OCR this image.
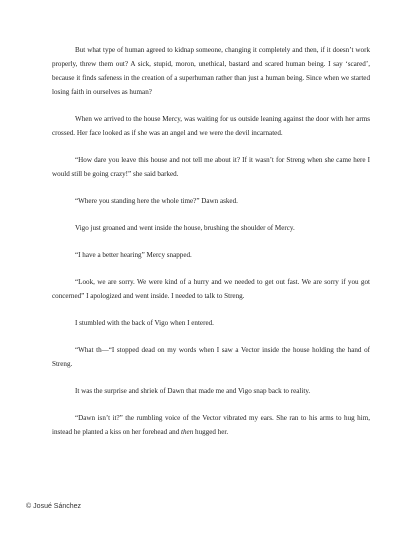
But what type of human agreed to kidnap someone, changing it completely and then, if it doesn’t work properly, threw them out? A sick, stupid, moron, unethical, bastard and scared human being. I say ‘scared’, because it finds safeness in the creation of a superhuman rather than just a human being. Since when we started losing faith in ourselves as human?

When we arrived to the house Mercy, was waiting for us outside leaning against the door with her arms crossed. Her face looked as if she was an angel and we were the devil incarnated.

“How dare you leave this house and not tell me about it? If it wasn’t for Streng when she came here I would still be going crazy!” she said barked.

“Where you standing here the whole time?” Dawn asked.

Vigo just groaned and went inside the house, brushing the shoulder of Mercy.

“I have a better hearing” Mercy snapped.

“Look, we are sorry. We were kind of a hurry and we needed to get out fast. We are sorry if you got concerned” I apologized and went inside. I needed to talk to Streng.

I stumbled with the back of Vigo when I entered.

“What th—“I stopped dead on my words when I saw a Vector inside the house holding the hand of Streng.

It was the surprise and shriek of Dawn that made me and Vigo snap back to reality.

“Dawn isn’t it?” the rumbling voice of the Vector vibrated my ears. She ran to his arms to hug him, instead he planted a kiss on her forehead and then hugged her.

© Josué Sánchez
